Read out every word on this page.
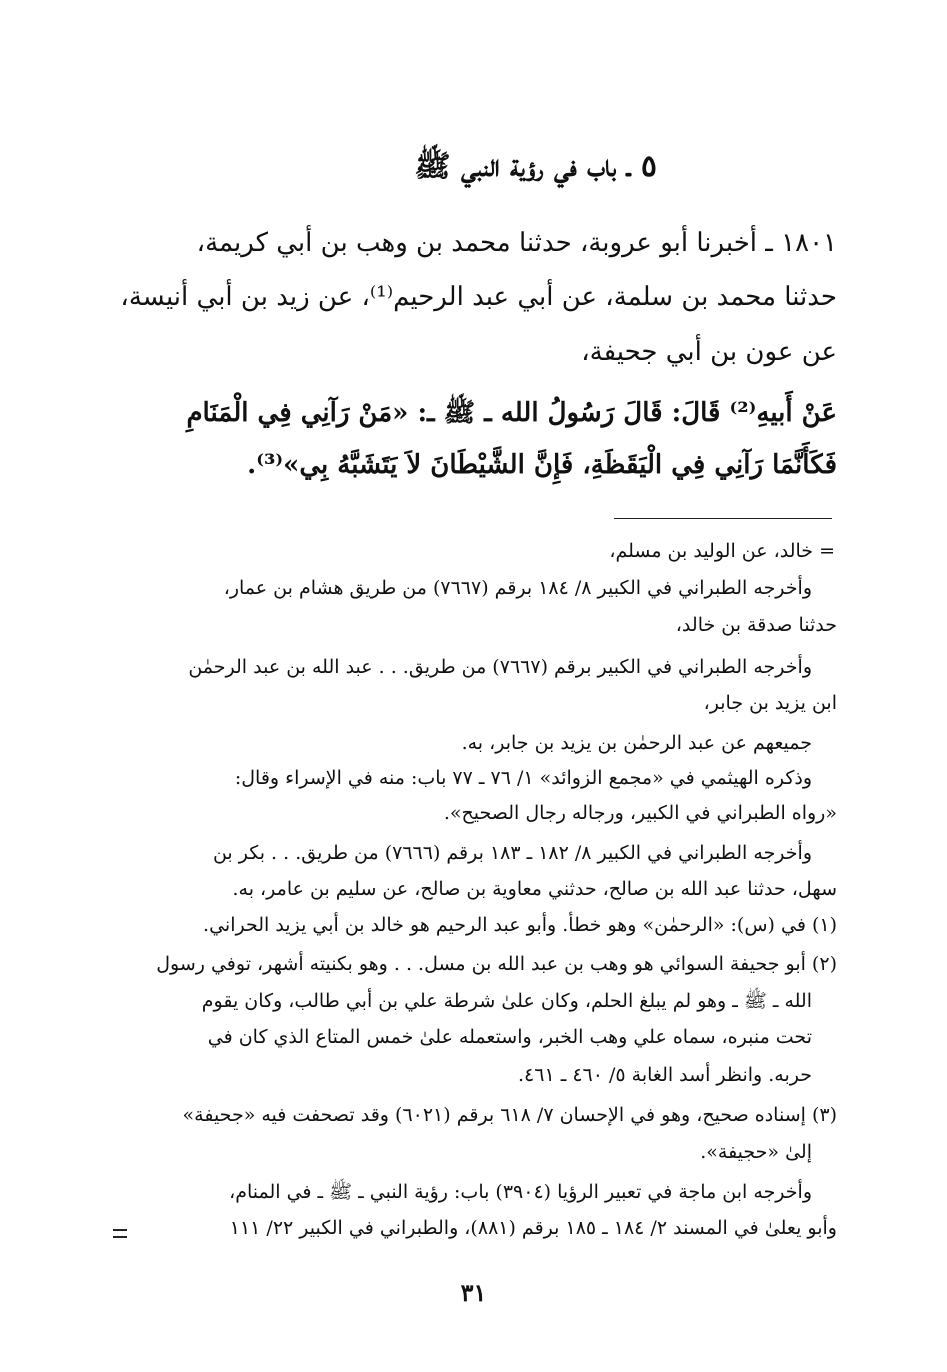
٥ ـ باب في رؤية النبي ﷺ
١٨٠١ ـ أخبرنا أبو عروبة، حدثنا محمد بن وهب بن أبي كريمة،
حدثنا محمد بن سلمة، عن أبي عبد الرحيم⁽¹⁾، عن زيد بن أبي أنيسة،
عن عون بن أبي جحيفة،
عَنْ أَبيهِ⁽²⁾ قَالَ: قَالَ رَسُولُ الله ـ ﷺ ـ: «مَنْ رَآنِي فِي الْمَنَامِ
فَكَأَنَّمَا رَآنِي فِي الْيَقَظَةِ، فَإِنَّ الشَّيْطَانَ لاَ يَتَشَبَّهُ بِي»⁽³⁾.
= خالد، عن الوليد بن مسلم،
وأخرجه الطبراني في الكبير ٨/ ١٨٤ برقم (٧٦٦٧) من طريق هشام بن عمار،
حدثنا صدقة بن خالد،
وأخرجه الطبراني في الكبير برقم (٧٦٦٧) من طريق. . . عبد الله بن عبد الرحمٰن
ابن يزيد بن جابر،
جميعهم عن عبد الرحمٰن بن يزيد بن جابر، به.
وذكره الهيثمي في «مجمع الزوائد» ١/ ٧٦ ـ ٧٧ باب: منه في الإسراء وقال:
«رواه الطبراني في الكبير، ورجاله رجال الصحيح».
وأخرجه الطبراني في الكبير ٨/ ١٨٢ ـ ١٨٣ برقم (٧٦٦٦) من طريق. . . بكر بن
سهل، حدثنا عبد الله بن صالح، حدثني معاوية بن صالح، عن سليم بن عامر، به.
(١) في (س): «الرحمٰن» وهو خطأ. وأبو عبد الرحيم هو خالد بن أبي يزيد الحراني.
(٢) أبو جحيفة السوائي هو وهب بن عبد الله بن مسل. . . وهو بكنيته أشهر، توفي رسول
الله ـ ﷺ ـ وهو لم يبلغ الحلم، وكان علىٰ شرطة علي بن أبي طالب، وكان يقوم
تحت منبره، سماه علي وهب الخبر، واستعمله علىٰ خمس المتاع الذي كان في
حربه. وانظر أسد الغابة ٥/ ٤٦٠ ـ ٤٦١.
(٣) إسناده صحيح، وهو في الإحسان ٧/ ٦١٨ برقم (٦٠٢١) وقد تصحفت فيه «جحيفة»
إلىٰ «حجيفة».
وأخرجه ابن ماجة في تعبير الرؤيا (٣٩٠٤) باب: رؤية النبي ـ ﷺ ـ في المنام،
وأبو يعلىٰ في المسند ٢/ ١٨٤ ـ ١٨٥ برقم (٨٨١)، والطبراني في الكبير ٢٢/ ١١١
٣١
